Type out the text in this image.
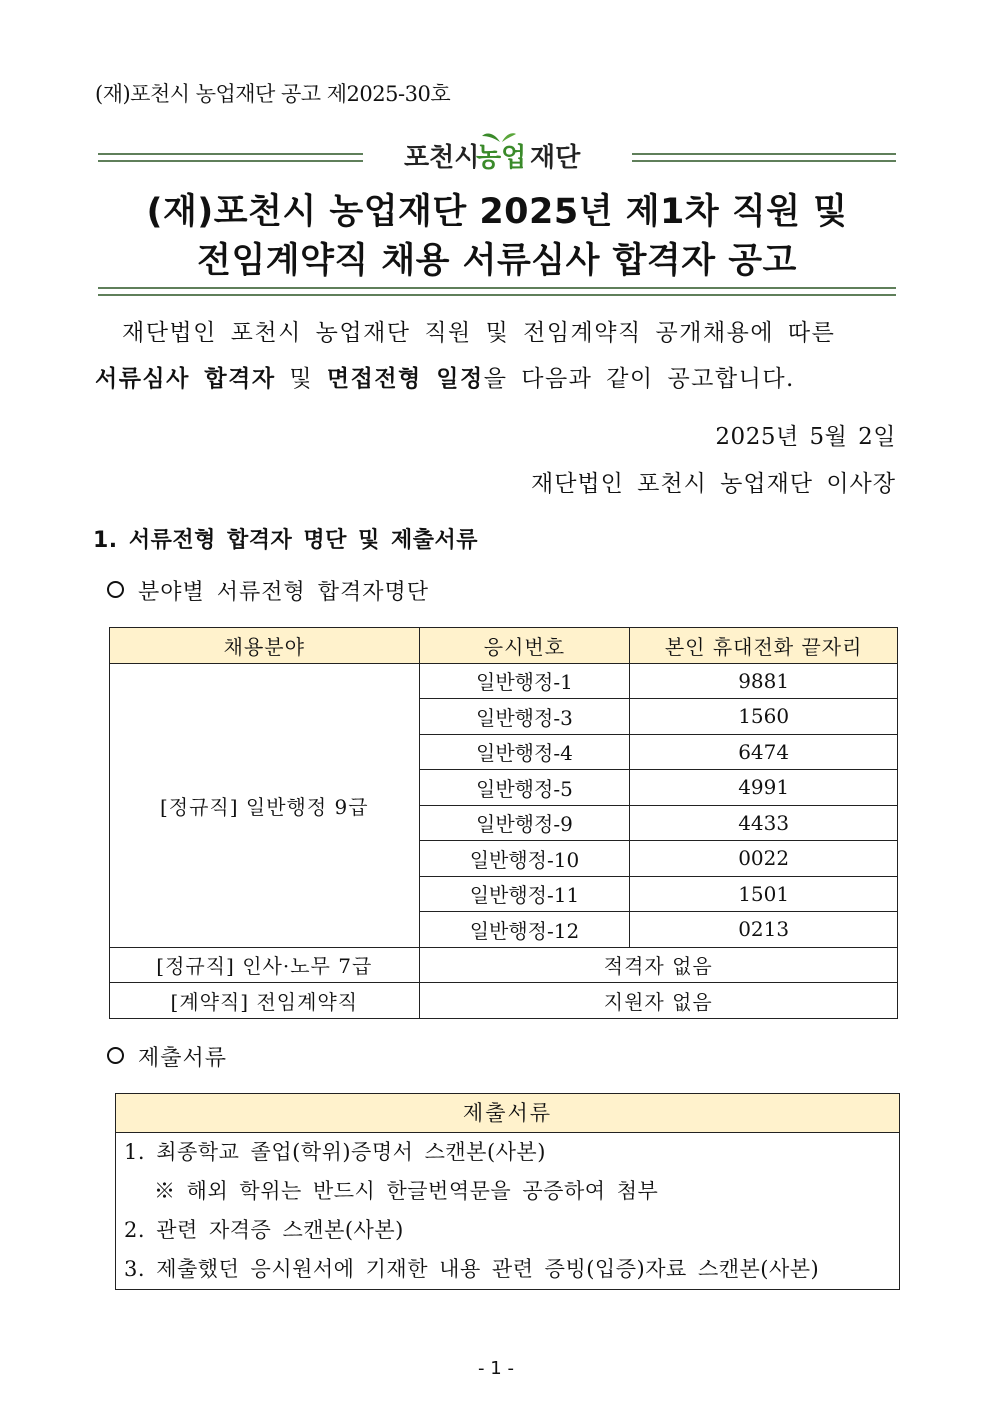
(재)포천시 농업재단 공고 제2025-30호
포천시
농업 재단
(재)포천시 농업재단 2025년 제1차 직원 및
전임계약직 채용 서류심사 합격자 공고
재단법인 포천시 농업재단 직원 및 전임계약직 공개채용에 따른
서류심사 합격자 및 면접전형 일정을 다음과 같이 공고합니다.
2025년 5월 2일
재단법인 포천시 농업재단 이사장
1. 서류전형 합격자 명단 및 제출서류
분야별 서류전형 합격자명단
채용분야	응시번호	본인 휴대전화 끝자리
[정규직] 일반행정 9급	일반행정-1	9881
	일반행정-3	1560
	일반행정-4	6474
	일반행정-5	4991
	일반행정-9	4433
	일반행정-10	0022
	일반행정-11	1501
	일반행정-12	0213
[정규직] 인사·노무 7급	적격자 없음	
[계약직] 전임계약직	지원자 없음	
제출서류
제출서류
1. 최종학교 졸업(학위)증명서 스캔본(사본)
※ 해외 학위는 반드시 한글번역문을 공증하여 첨부
2. 관련 자격증 스캔본(사본)
3. 제출했던 응시원서에 기재한 내용 관련 증빙(입증)자료 스캔본(사본)
- 1 -
